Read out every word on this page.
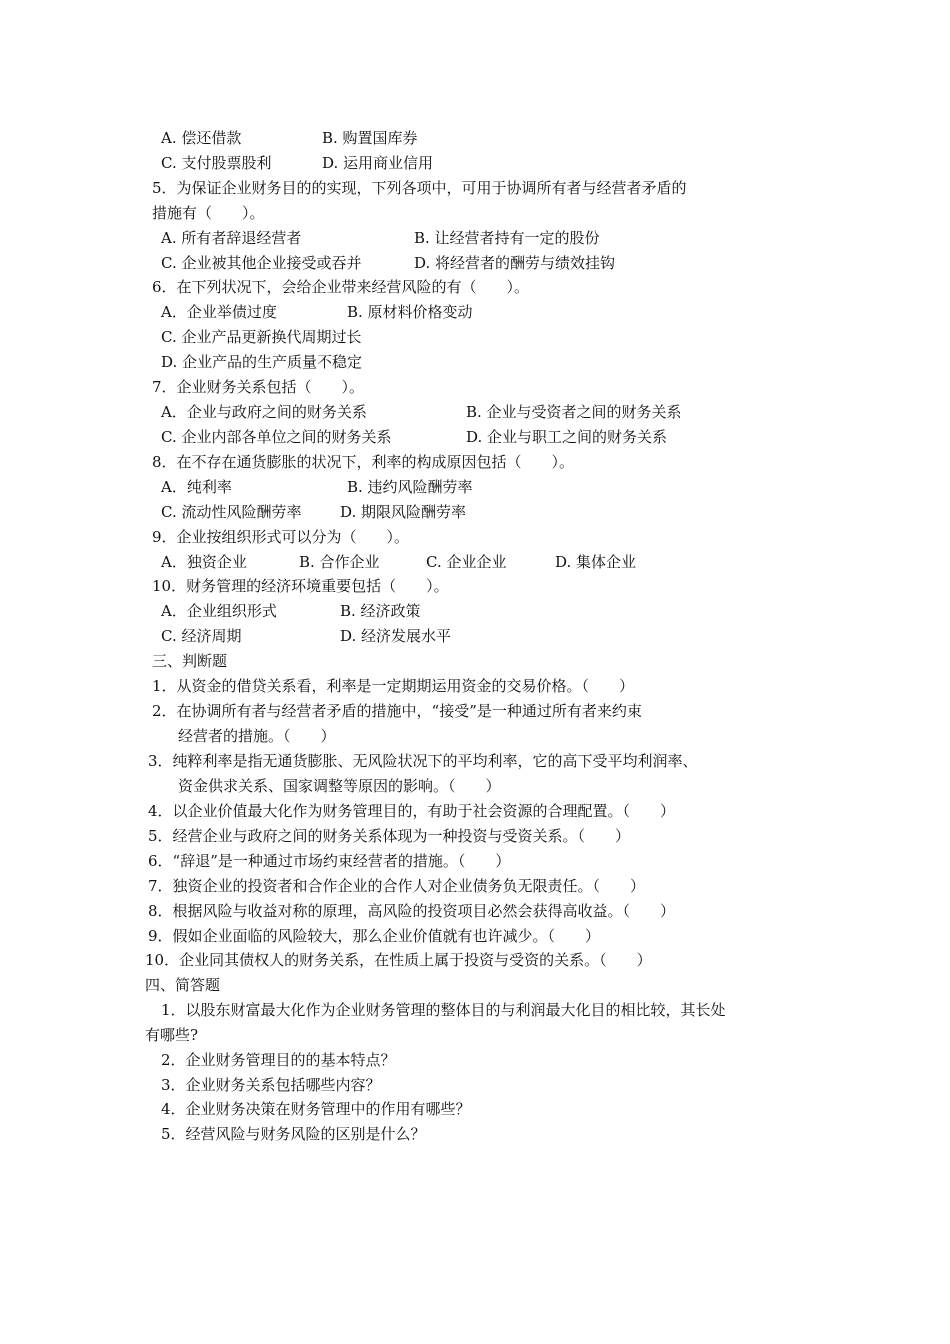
A. 偿还借款	B. 购置国库券
C. 支付股票股利	D. 运用商业信用
5．为保证企业财务目的的实现，下列各项中，可用于协调所有者与经营者矛盾的
措施有（　　）。
A. 所有者辞退经营者	B. 让经营者持有一定的股份
C. 企业被其他企业接受或吞并	D. 将经营者的酬劳与绩效挂钩
6．在下列状况下，会给企业带来经营风险的有（　　）。
A．企业举债过度	B. 原材料价格变动
C. 企业产品更新换代周期过长
D. 企业产品的生产质量不稳定
7．企业财务关系包括（　　）。
A．企业与政府之间的财务关系	B. 企业与受资者之间的财务关系
C. 企业内部各单位之间的财务关系	D. 企业与职工之间的财务关系
8．在不存在通货膨胀的状况下，利率的构成原因包括（　　）。
A．纯利率	B. 违约风险酬劳率
C. 流动性风险酬劳率	D. 期限风险酬劳率
9．企业按组织形式可以分为（　　）。
A．独资企业	B. 合作企业	C. 企业企业	D. 集体企业
10．财务管理的经济环境重要包括（　　）。
A．企业组织形式	B. 经济政策
C. 经济周期	D. 经济发展水平
三、判断题
1．从资金的借贷关系看，利率是一定期期运用资金的交易价格。（　　）
2．在协调所有者与经营者矛盾的措施中，“接受”是一种通过所有者来约束
经营者的措施。（　　）
3．纯粹利率是指无通货膨胀、无风险状况下的平均利率，它的高下受平均利润率、
资金供求关系、国家调整等原因的影响。（　　）
4．以企业价值最大化作为财务管理目的，有助于社会资源的合理配置。（　　）
5．经营企业与政府之间的财务关系体现为一种投资与受资关系。（　　）
6．“辞退”是一种通过市场约束经营者的措施。（　　）
7．独资企业的投资者和合作企业的合作人对企业债务负无限责任。（　　）
8．根据风险与收益对称的原理，高风险的投资项目必然会获得高收益。（　　）
9．假如企业面临的风险较大，那么企业价值就有也许减少。（　　）
10．企业同其债权人的财务关系，在性质上属于投资与受资的关系。（　　）
四、简答题
1．以股东财富最大化作为企业财务管理的整体目的与利润最大化目的相比较，其长处
有哪些?
2．企业财务管理目的的基本特点？
3．企业财务关系包括哪些内容？
4．企业财务决策在财务管理中的作用有哪些？
5．经营风险与财务风险的区别是什么？
